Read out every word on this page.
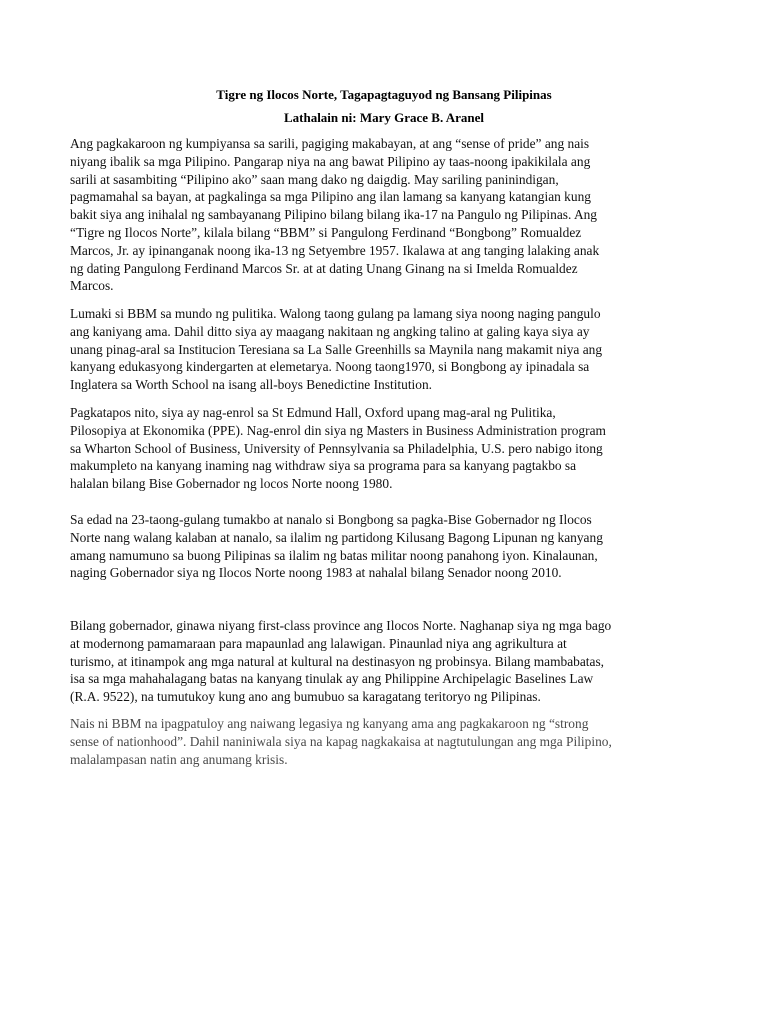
Tigre ng Ilocos Norte, Tagapagtaguyod ng Bansang Pilipinas
Lathalain ni: Mary Grace B. Aranel

Ang pagkakaroon ng kumpiyansa sa sarili, pagiging makabayan, at ang “sense of pride” ang nais
niyang ibalik sa mga Pilipino. Pangarap niya na ang bawat Pilipino ay taas-noong ipakikilala ang
sarili at sasambiting “Pilipino ako” saan mang dako ng daigdig. May sariling paninindigan,
pagmamahal sa bayan, at pagkalinga sa mga Pilipino ang ilan lamang sa kanyang katangian kung
bakit siya ang inihalal ng sambayanang Pilipino bilang bilang ika-17 na Pangulo ng Pilipinas. Ang
“Tigre ng Ilocos Norte”, kilala bilang “BBM” si Pangulong Ferdinand “Bongbong” Romualdez
Marcos, Jr. ay ipinanganak noong ika-13 ng Setyembre 1957. Ikalawa at ang tanging lalaking anak
ng dating Pangulong Ferdinand Marcos Sr. at at dating Unang Ginang na si Imelda Romualdez
Marcos.

Lumaki si BBM sa mundo ng pulitika. Walong taong gulang pa lamang siya noong naging pangulo
ang kaniyang ama. Dahil ditto siya ay maagang nakitaan ng angking talino at galing kaya siya ay
unang pinag-aral sa Institucion Teresiana sa La Salle Greenhills sa Maynila nang makamit niya ang
kanyang edukasyong kindergarten at elemetarya. Noong taong1970, si Bongbong ay ipinadala sa
Inglatera sa Worth School na isang all-boys Benedictine Institution.

Pagkatapos nito, siya ay nag-enrol sa St Edmund Hall, Oxford upang mag-aral ng Pulitika,
Pilosopiya at Ekonomika (PPE). Nag-enrol din siya ng Masters in Business Administration program
sa Wharton School of Business, University of Pennsylvania sa Philadelphia, U.S. pero nabigo itong
makumpleto na kanyang inaming nag withdraw siya sa programa para sa kanyang pagtakbo sa
halalan bilang Bise Gobernador ng locos Norte noong 1980.

Sa edad na 23-taong-gulang tumakbo at nanalo si Bongbong sa pagka-Bise Gobernador ng Ilocos
Norte nang walang kalaban at nanalo, sa ilalim ng partidong Kilusang Bagong Lipunan ng kanyang
amang namumuno sa buong Pilipinas sa ilalim ng batas militar noong panahong iyon. Kinalaunan,
naging Gobernador siya ng Ilocos Norte noong 1983 at nahalal bilang Senador noong 2010.

Bilang gobernador, ginawa niyang first-class province ang Ilocos Norte. Naghanap siya ng mga bago
at modernong pamamaraan para mapaunlad ang lalawigan. Pinaunlad niya ang agrikultura at
turismo, at itinampok ang mga natural at kultural na destinasyon ng probinsya. Bilang mambabatas,
isa sa mga mahahalagang batas na kanyang tinulak ay ang Philippine Archipelagic Baselines Law
(R.A. 9522), na tumutukoy kung ano ang bumubuo sa karagatang teritoryo ng Pilipinas.

Nais ni BBM na ipagpatuloy ang naiwang legasiya ng kanyang ama ang pagkakaroon ng “strong
sense of nationhood”. Dahil naniniwala siya na kapag nagkakaisa at nagtutulungan ang mga Pilipino,
malalampasan natin ang anumang krisis.
